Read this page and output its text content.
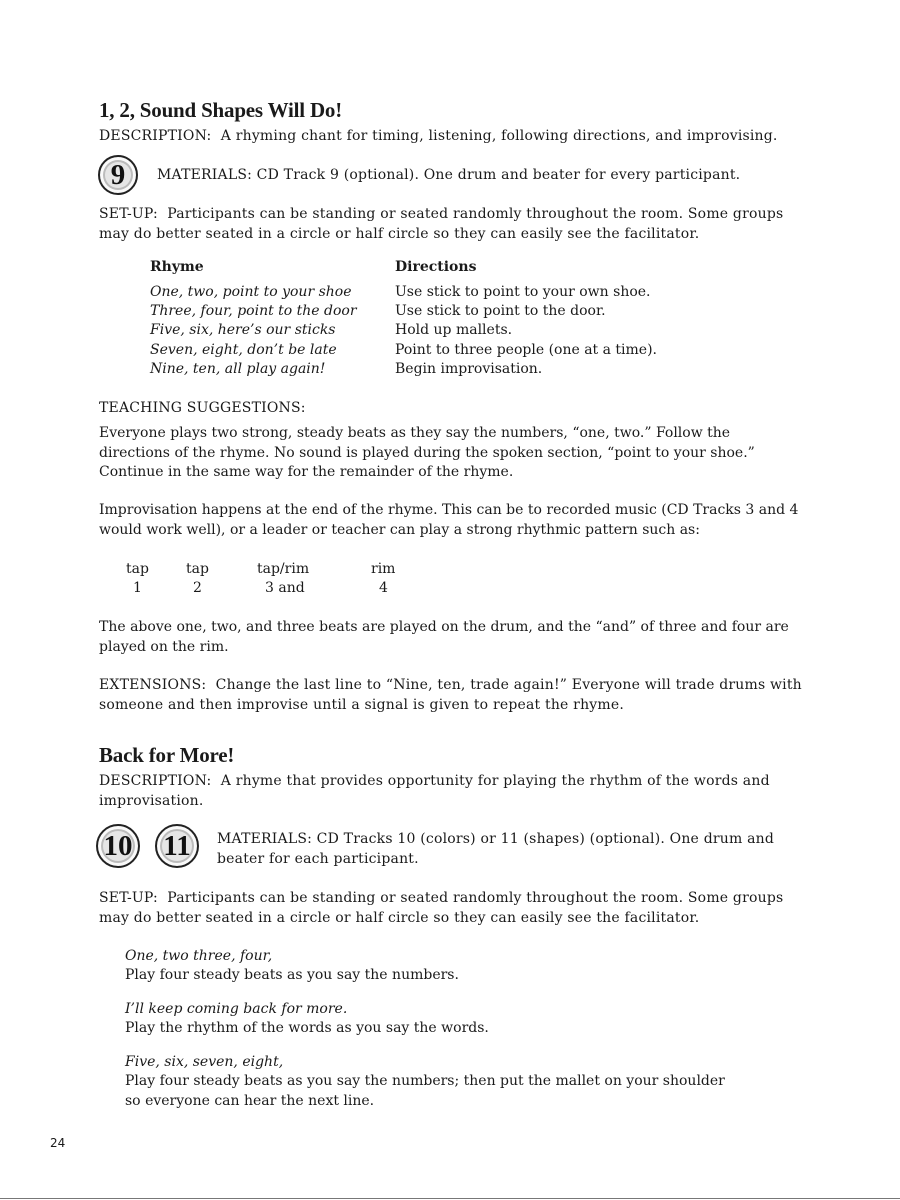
1, 2, Sound Shapes Will Do!
DESCRIPTION:  A rhyming chant for timing, listening, following directions, and improvising.
9	MATERIALS: CD Track 9 (optional). One drum and beater for every participant.
SET-UP:  Participants can be standing or seated randomly throughout the room. Some groups may do better seated in a circle or half circle so they can easily see the facilitator.
Rhyme	Directions
One, two, point to your shoe	Use stick to point to your own shoe.
Three, four, point to the door	Use stick to point to the door.
Five, six, here’s our sticks	Hold up mallets.
Seven, eight, don’t be late	Point to three people (one at a time).
Nine, ten, all play again!	Begin improvisation.
TEACHING SUGGESTIONS:
Everyone plays two strong, steady beats as they say the numbers, “one, two.” Follow the directions of the rhyme. No sound is played during the spoken section, “point to your shoe.” Continue in the same way for the remainder of the rhyme.
Improvisation happens at the end of the rhyme. This can be to recorded music (CD Tracks 3 and 4 would work well), or a leader or teacher can play a strong rhythmic pattern such as:
tap	tap	tap/rim	rim
1	2	3 and	4
The above one, two, and three beats are played on the drum, and the “and” of three and four are played on the rim.
EXTENSIONS:  Change the last line to “Nine, ten, trade again!” Everyone will trade drums with someone and then improvise until a signal is given to repeat the rhyme.
Back for More!
DESCRIPTION:  A rhyme that provides opportunity for playing the rhythm of the words and improvisation.
10 11	MATERIALS: CD Tracks 10 (colors) or 11 (shapes) (optional). One drum and beater for each participant.
SET-UP:  Participants can be standing or seated randomly throughout the room. Some groups may do better seated in a circle or half circle so they can easily see the facilitator.
One, two three, four,
Play four steady beats as you say the numbers.
I’ll keep coming back for more.
Play the rhythm of the words as you say the words.
Five, six, seven, eight,
Play four steady beats as you say the numbers; then put the mallet on your shoulder so everyone can hear the next line.
24
